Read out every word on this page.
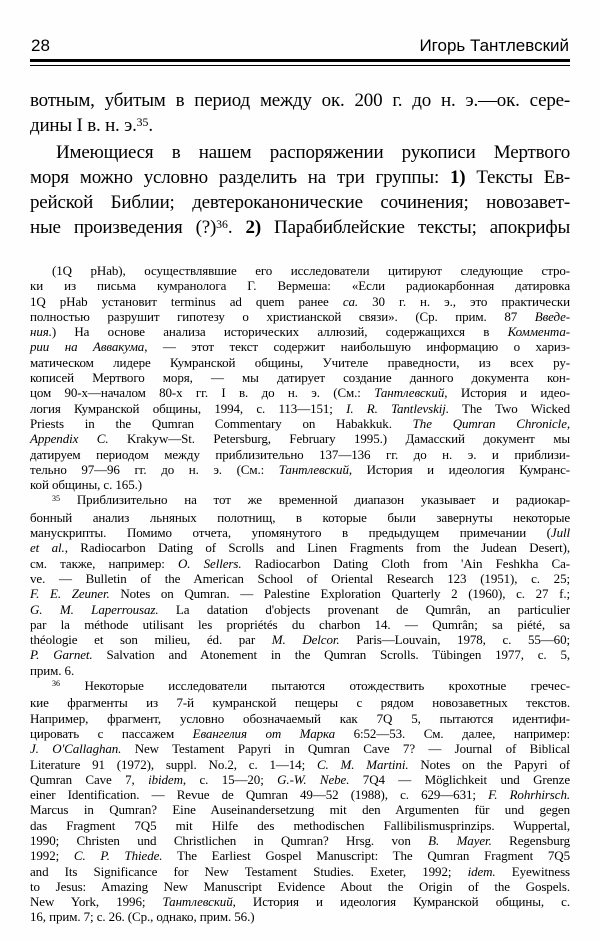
28	Игорь Тантлевский
вотным, убитым в период между ок. 200 г. до н. э.—ок. сере-
дины I в. н. э.$^{35}$.
Имеющиеся в нашем распоряжении рукописи Мертвого
моря можно условно разделить на три группы: 1) Тексты Ев-
рейской Библии; девтероканонические сочинения; новозавет-
ные произведения (?)$^{36}$. 2) Парабиблейские тексты; апокрифы
(1Q pHab), осуществлявшие его исследователи цитируют следующие стро-
ки из письма кумранолога Г. Вермеша: «Если радиокарбонная датировка
1Q pHab установит terminus ad quem ранее ca. 30 г. н. э., это практически
полностью разрушит гипотезу о христианской связи». (Ср. прим. 87 Введе-
ния.) На основе анализа исторических аллюзий, содержащихся в Коммента-
рии на Аввакума, — этот текст содержит наибольшую информацию о хариз-
матическом лидере Кумранской общины, Учителе праведности, из всех ру-
кописей Мертвого моря, — мы датирует создание данного документа кон-
цом 90-х—началом 80-х гг. I в. до н. э. (См.: Тантлевский, История и идео-
логия Кумранской общины, 1994, с. 113—151; I. R. Tantlevskij. The Two Wicked
Priests in the Qumran Commentary on Habakkuk. The Qumran Chronicle,
Appendix C. Krakyw—St. Petersburg, February 1995.) Дамасский документ мы
датируем периодом между приблизительно 137—136 гг. до н. э. и приблизи-
тельно 97—96 гг. до н. э. (См.: Тантлевский, История и идеология Кумранс-
кой общины, с. 165.)
$^{35}$ Приблизительно на тот же временной диапазон указывает и радиокар-
бонный анализ льняных полотнищ, в которые были завернуты некоторые
манускрипты. Помимо отчета, упомянутого в предыдущем примечании (Jull
et al., Radiocarbon Dating of Scrolls and Linen Fragments from the Judean Desert),
см. также, например: O. Sellers. Radiocarbon Dating Cloth from 'Ain Feshkha Ca-
ve. — Bulletin of the American School of Oriental Research 123 (1951), c. 25;
F. E. Zeuner. Notes on Qumran. — Palestine Exploration Quarterly 2 (1960), c. 27 f.;
G. M. Laperrousaz. La datation d'objects provenant de Qumrân, an particulier
par la méthode utilisant les propriétés du charbon 14. — Qumrân; sa piété, sa
théologie et son milieu, éd. par M. Delcor. Paris—Louvain, 1978, c. 55—60;
P. Garnet. Salvation and Atonement in the Qumran Scrolls. Tübingen 1977, c. 5,
прим. 6.
$^{36}$ Некоторые исследователи пытаются отождествить крохотные гречес-
кие фрагменты из 7-й кумранской пещеры с рядом новозаветных текстов.
Например, фрагмент, условно обозначаемый как 7Q 5, пытаются идентифи-
цировать с пассажем Евангелия от Марка 6:52—53. См. далее, например:
J. O'Callaghan. New Testament Papyri in Qumran Cave 7? — Journal of Biblical
Literature 91 (1972), suppl. No.2, c. 1—14; C. M. Martini. Notes on the Papyri of
Qumran Cave 7, ibidem, c. 15—20; G.-W. Nebe. 7Q4 — Möglichkeit und Grenze
einer Identification. — Revue de Qumran 49—52 (1988), c. 629—631; F. Rohrhirsch.
Marcus in Qumran? Eine Auseinandersetzung mit den Argumenten für und gegen
das Fragment 7Q5 mit Hilfe des methodischen Fallibilismusprinzips. Wuppertal,
1990; Christen und Christlichen in Qumran? Hrsg. von B. Mayer. Regensburg
1992; C. P. Thiede. The Earliest Gospel Manuscript: The Qumran Fragment 7Q5
and Its Significance for New Testament Studies. Exeter, 1992; idem. Eyewitness
to Jesus: Amazing New Manuscript Evidence About the Origin of the Gospels.
New York, 1996; Тантлевский, История и идеология Кумранской общины, с.
16, прим. 7; с. 26. (Ср., однако, прим. 56.)
